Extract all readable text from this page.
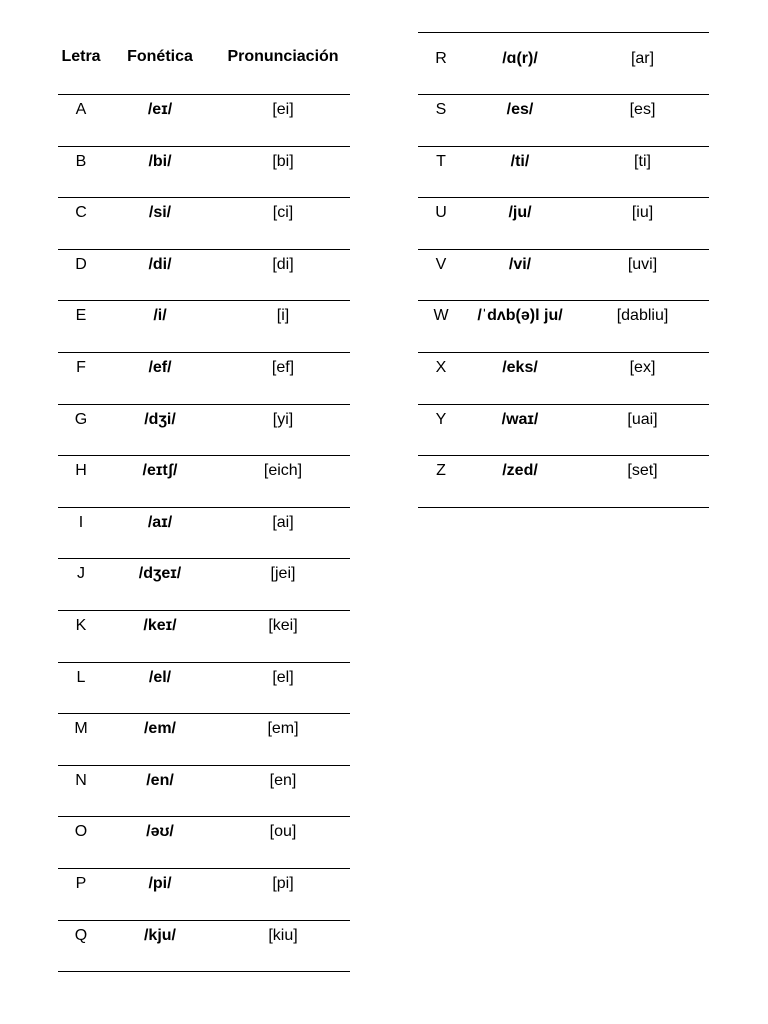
Letra	Fonética	Pronunciación
A	/eɪ/	[ei]
B	/bi/	[bi]
C	/si/	[ci]
D	/di/	[di]
E	/i/	[i]
F	/ef/	[ef]
G	/dʒi/	[yi]
H	/eɪtʃ/	[eich]
I	/aɪ/	[ai]
J	/dʒeɪ/	[jei]
K	/keɪ/	[kei]
L	/el/	[el]
M	/em/	[em]
N	/en/	[en]
O	/əʊ/	[ou]
P	/pi/	[pi]
Q	/kju/	[kiu]
R	/ɑ(r)/	[ar]
S	/es/	[es]
T	/ti/	[ti]
U	/ju/	[iu]
V	/vi/	[uvi]
W	/ˈdʌb(ə)l ju/	[dabliu]
X	/eks/	[ex]
Y	/waɪ/	[uai]
Z	/zed/	[set]
